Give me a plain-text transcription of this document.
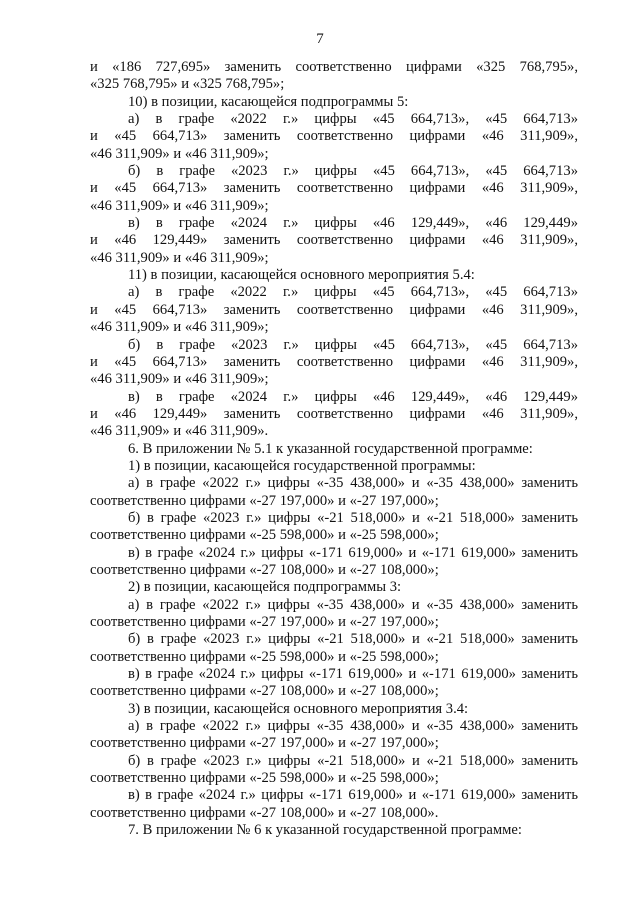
7
и «186 727,695» заменить соответственно цифрами «325 768,795»,
«325 768,795» и «325 768,795»;
10) в позиции, касающейся подпрограммы 5:
а) в графе «2022 г.» цифры «45 664,713», «45 664,713»
и «45 664,713» заменить соответственно цифрами «46 311,909»,
«46 311,909» и «46 311,909»;
б) в графе «2023 г.» цифры «45 664,713», «45 664,713»
и «45 664,713» заменить соответственно цифрами «46 311,909»,
«46 311,909» и «46 311,909»;
в) в графе «2024 г.» цифры «46 129,449», «46 129,449»
и «46 129,449» заменить соответственно цифрами «46 311,909»,
«46 311,909» и «46 311,909»;
11) в позиции, касающейся основного мероприятия 5.4:
а) в графе «2022 г.» цифры «45 664,713», «45 664,713»
и «45 664,713» заменить соответственно цифрами «46 311,909»,
«46 311,909» и «46 311,909»;
б) в графе «2023 г.» цифры «45 664,713», «45 664,713»
и «45 664,713» заменить соответственно цифрами «46 311,909»,
«46 311,909» и «46 311,909»;
в) в графе «2024 г.» цифры «46 129,449», «46 129,449»
и «46 129,449» заменить соответственно цифрами «46 311,909»,
«46 311,909» и «46 311,909».
6. В приложении № 5.1 к указанной государственной программе:
1) в позиции, касающейся государственной программы:
а) в графе «2022 г.» цифры «-35 438,000» и «-35 438,000» заменить
соответственно цифрами «-27 197,000» и «-27 197,000»;
б) в графе «2023 г.» цифры «-21 518,000» и «-21 518,000» заменить
соответственно цифрами «-25 598,000» и «-25 598,000»;
в) в графе «2024 г.» цифры «-171 619,000» и «-171 619,000» заменить
соответственно цифрами «-27 108,000» и «-27 108,000»;
2) в позиции, касающейся подпрограммы 3:
а) в графе «2022 г.» цифры «-35 438,000» и «-35 438,000» заменить
соответственно цифрами «-27 197,000» и «-27 197,000»;
б) в графе «2023 г.» цифры «-21 518,000» и «-21 518,000» заменить
соответственно цифрами «-25 598,000» и «-25 598,000»;
в) в графе «2024 г.» цифры «-171 619,000» и «-171 619,000» заменить
соответственно цифрами «-27 108,000» и «-27 108,000»;
3) в позиции, касающейся основного мероприятия 3.4:
а) в графе «2022 г.» цифры «-35 438,000» и «-35 438,000» заменить
соответственно цифрами «-27 197,000» и «-27 197,000»;
б) в графе «2023 г.» цифры «-21 518,000» и «-21 518,000» заменить
соответственно цифрами «-25 598,000» и «-25 598,000»;
в) в графе «2024 г.» цифры «-171 619,000» и «-171 619,000» заменить
соответственно цифрами «-27 108,000» и «-27 108,000».
7. В приложении № 6 к указанной государственной программе:
